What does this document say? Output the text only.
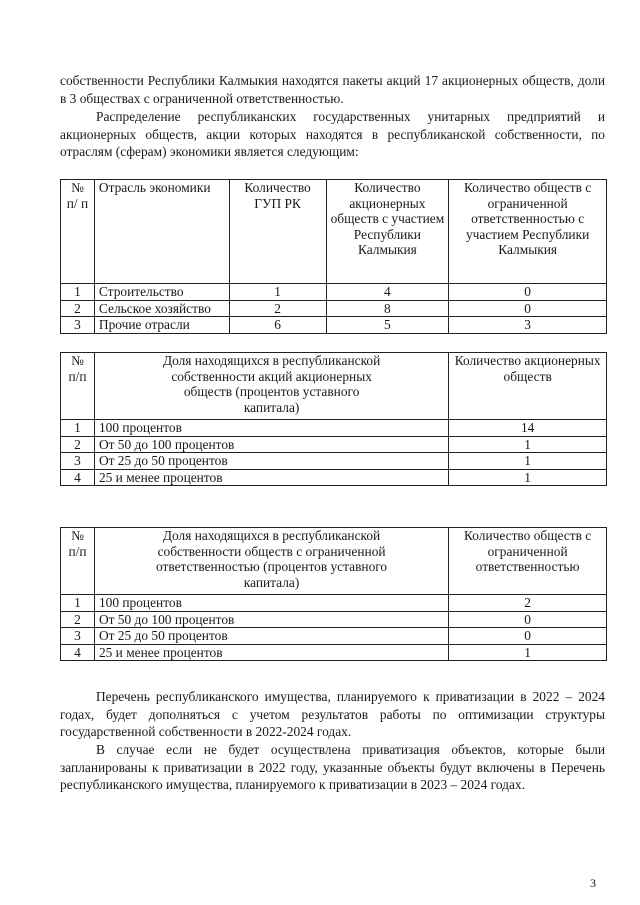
собственности Республики Калмыкия находятся пакеты акций 17 акционерных обществ, доли в 3 обществах с ограниченной ответственностью.

Распределение республиканских государственных унитарных предприятий и акционерных обществ, акции которых находятся в республиканской собственности, по отраслям (сферам) экономики является следующим:

№ п/ п	Отрасль экономики	Количество ГУП РК	Количество акционерных обществ с участием Республики Калмыкия	Количество обществ с ограниченной ответственностью с участием Республики Калмыкия
1	Строительство	1	4	0
2	Сельское хозяйство	2	8	0
3	Прочие отрасли	6	5	3
№ п/п	Доля находящихся в республиканской собственности акций акционерных обществ (процентов уставного капитала)	Количество акционерных обществ
1	100 процентов	14
2	От 50 до 100 процентов	1
3	От 25 до 50 процентов	1
4	25 и менее процентов	1
№ п/п	Доля находящихся в республиканской собственности обществ с ограниченной ответственностью (процентов уставного капитала)	Количество обществ с ограниченной ответственностью
1	100 процентов	2
2	От 50 до 100 процентов	0
3	От 25 до 50 процентов	0
4	25 и менее процентов	1

Перечень республиканского имущества, планируемого к приватизации в 2022 – 2024 годах, будет дополняться с учетом результатов работы по оптимизации структуры государственной собственности в 2022-2024 годах.

В случае если не будет осуществлена приватизация объектов, которые были запланированы к приватизации в 2022 году, указанные объекты будут включены в Перечень республиканского имущества, планируемого к приватизации в 2023 – 2024 годах.

3
